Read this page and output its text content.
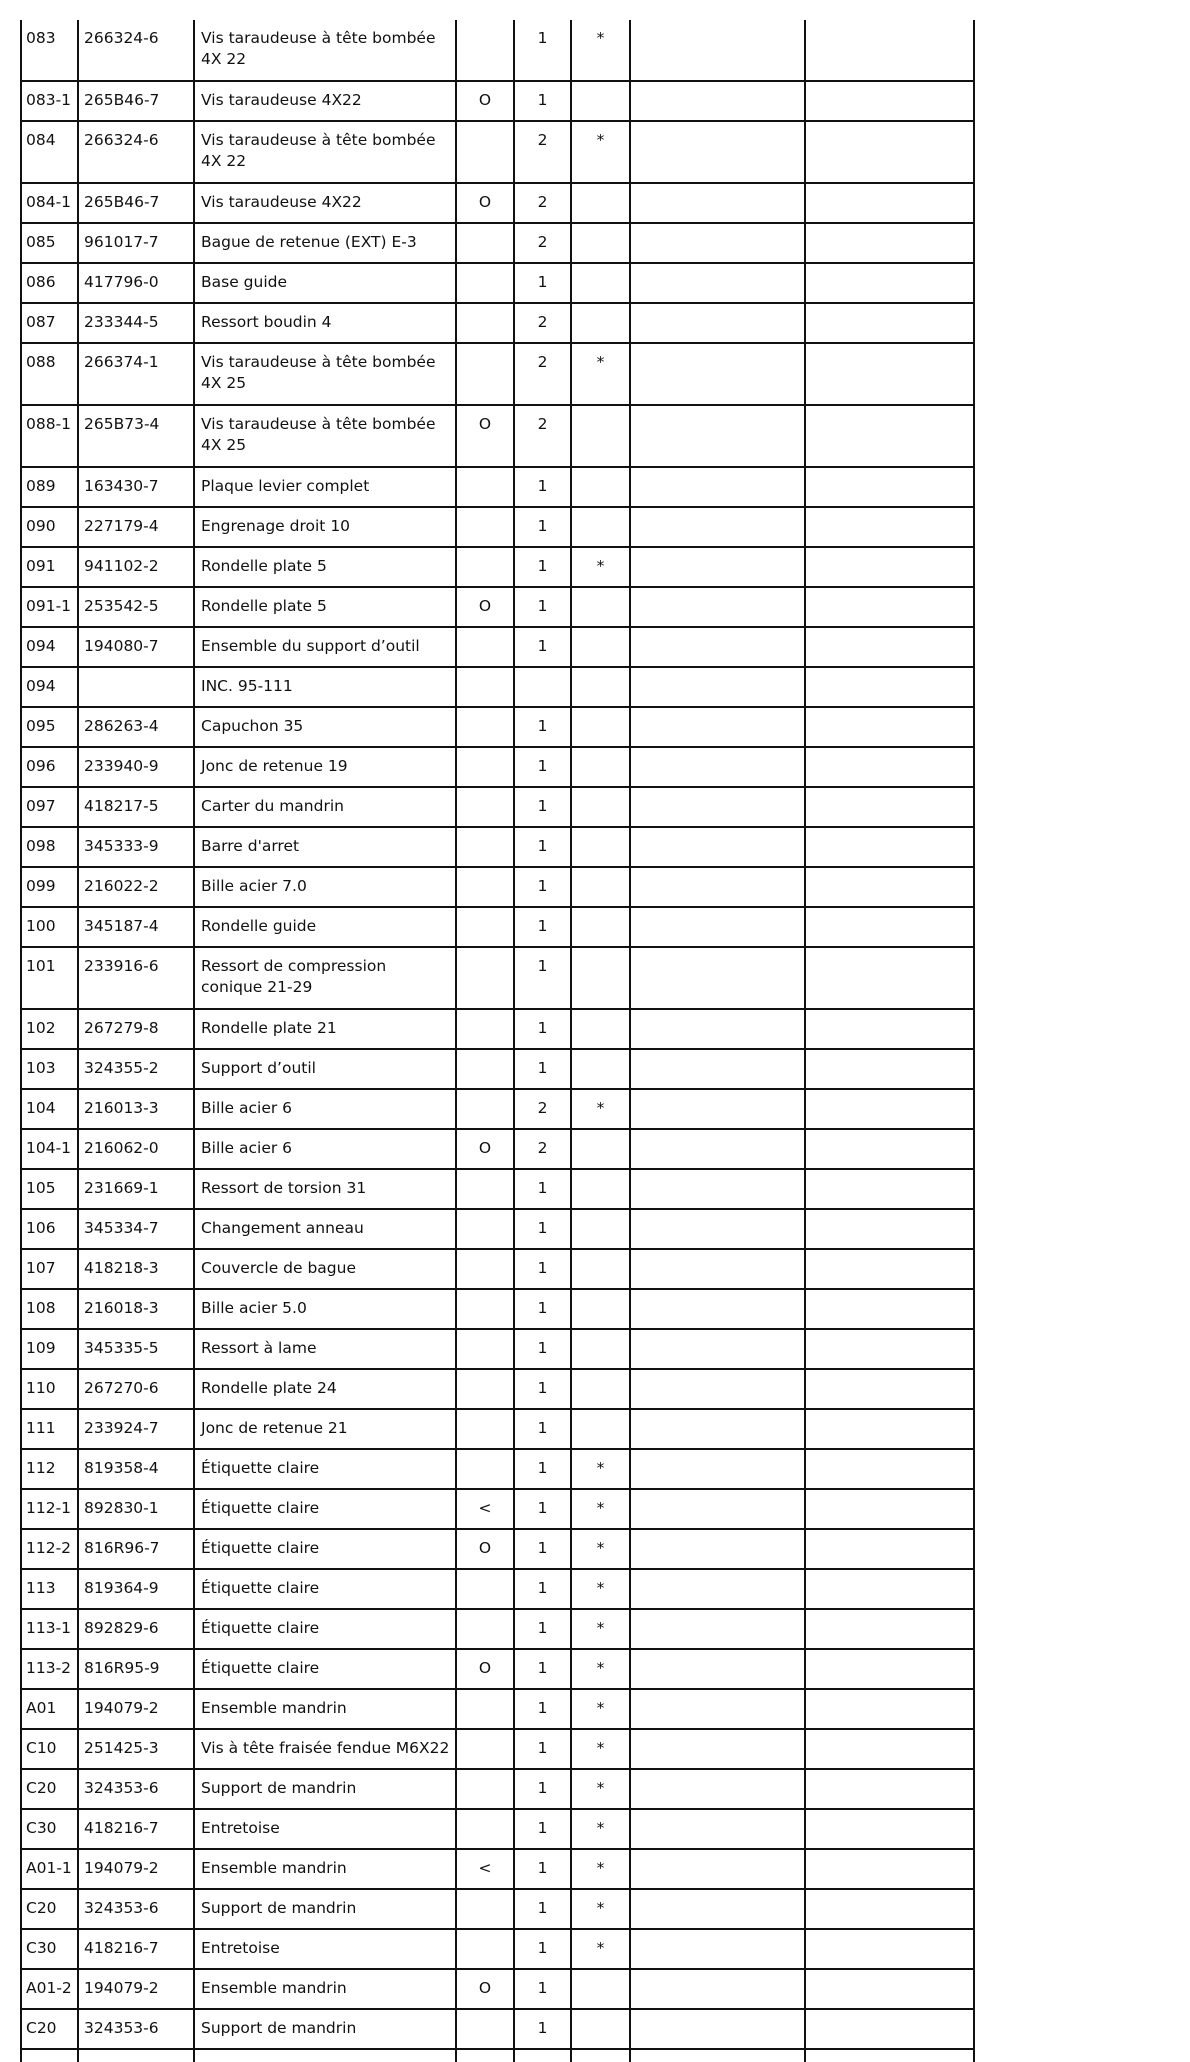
083	266324-6	Vis taraudeuse à tête bombée 4X 22		1	*		
083-1	265B46-7	Vis taraudeuse 4X22	O	1			
084	266324-6	Vis taraudeuse à tête bombée 4X 22		2	*		
084-1	265B46-7	Vis taraudeuse 4X22	O	2			
085	961017-7	Bague de retenue (EXT) E-3		2			
086	417796-0	Base guide		1			
087	233344-5	Ressort boudin 4		2			
088	266374-1	Vis taraudeuse à tête bombée 4X 25		2	*		
088-1	265B73-4	Vis taraudeuse à tête bombée 4X 25	O	2			
089	163430-7	Plaque levier complet		1			
090	227179-4	Engrenage droit 10		1			
091	941102-2	Rondelle plate 5		1	*		
091-1	253542-5	Rondelle plate 5	O	1			
094	194080-7	Ensemble du support d’outil		1			
094		INC. 95-111					
095	286263-4	Capuchon 35		1			
096	233940-9	Jonc de retenue 19		1			
097	418217-5	Carter du mandrin		1			
098	345333-9	Barre d'arret		1			
099	216022-2	Bille acier 7.0		1			
100	345187-4	Rondelle guide		1			
101	233916-6	Ressort de compression conique 21-29		1			
102	267279-8	Rondelle plate 21		1			
103	324355-2	Support d’outil		1			
104	216013-3	Bille acier 6		2	*		
104-1	216062-0	Bille acier 6	O	2			
105	231669-1	Ressort de torsion 31		1			
106	345334-7	Changement anneau		1			
107	418218-3	Couvercle de bague		1			
108	216018-3	Bille acier 5.0		1			
109	345335-5	Ressort à lame		1			
110	267270-6	Rondelle plate 24		1			
111	233924-7	Jonc de retenue 21		1			
112	819358-4	Étiquette claire		1	*		
112-1	892830-1	Étiquette claire	<	1	*		
112-2	816R96-7	Étiquette claire	O	1	*		
113	819364-9	Étiquette claire		1	*		
113-1	892829-6	Étiquette claire		1	*		
113-2	816R95-9	Étiquette claire	O	1	*		
A01	194079-2	Ensemble mandrin		1	*		
C10	251425-3	Vis à tête fraisée fendue M6X22		1	*		
C20	324353-6	Support de mandrin		1	*		
C30	418216-7	Entretoise		1	*		
A01-1	194079-2	Ensemble mandrin	<	1	*		
C20	324353-6	Support de mandrin		1	*		
C30	418216-7	Entretoise		1	*		
A01-2	194079-2	Ensemble mandrin	O	1			
C20	324353-6	Support de mandrin		1			
